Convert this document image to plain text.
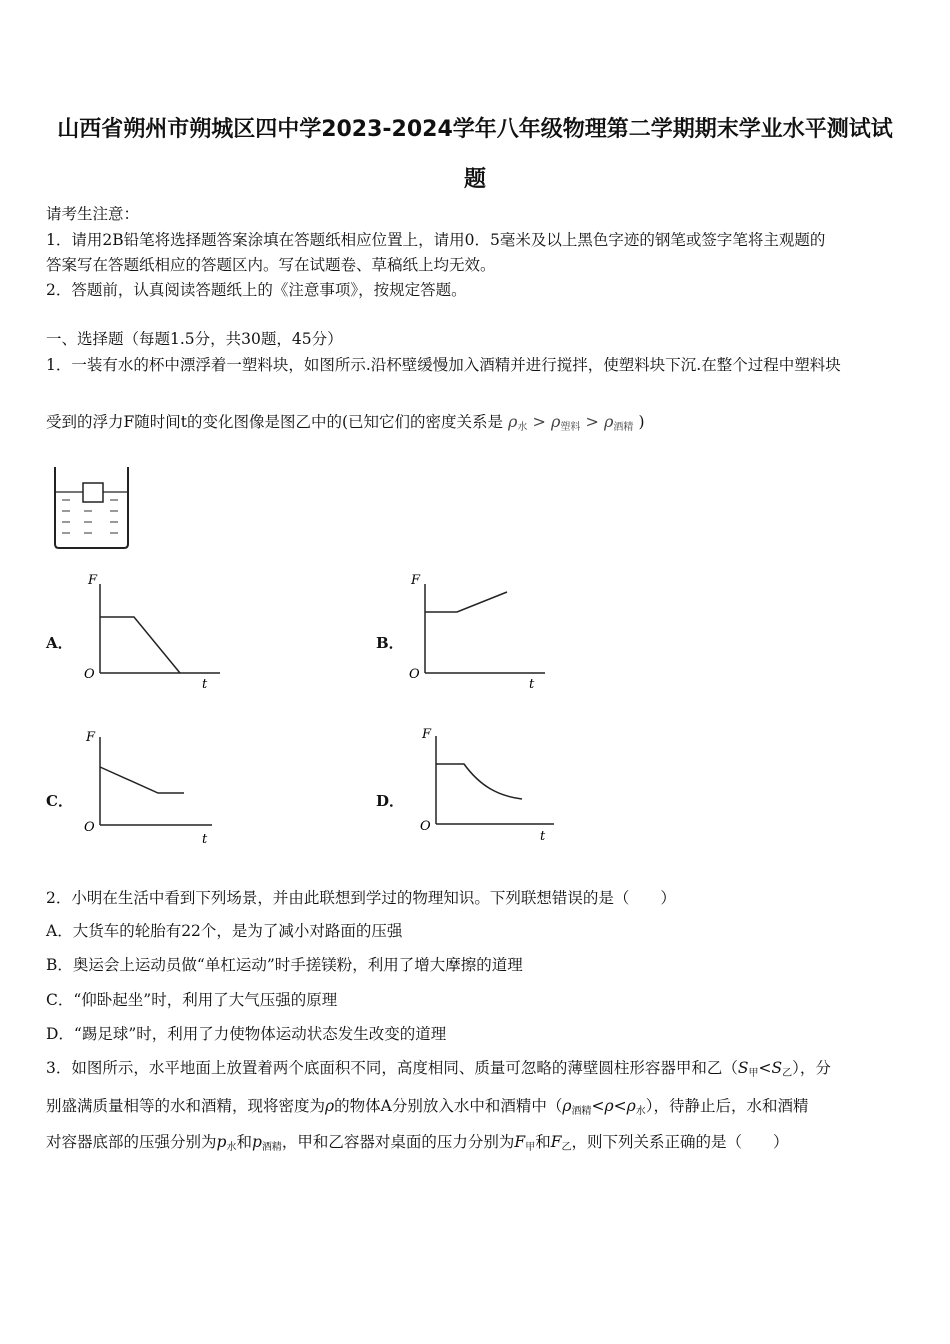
山西省朔州市朔城区四中学2023-2024学年八年级物理第二学期期末学业水平测试试
题
请考生注意：
1．请用2B铅笔将选择题答案涂填在答题纸相应位置上，请用0．5毫米及以上黑色字迹的钢笔或签字笔将主观题的
答案写在答题纸相应的答题区内。写在试题卷、草稿纸上均无效。
2．答题前，认真阅读答题纸上的《注意事项》，按规定答题。
一、选择题（每题1.5分，共30题，45分）
1．一装有水的杯中漂浮着一塑料块，如图所示.沿杯壁缓慢加入酒精并进行搅拌，使塑料块下沉.在整个过程中塑料块
受到的浮力F随时间t的变化图像是图乙中的(已知它们的密度关系是 $\rho_水 > \rho_{塑料} > \rho_{酒精}$ )
A．
F
O
t
B．
F
O
t
C．
F
O
t
D．
F
O
t
2．小明在生活中看到下列场景，并由此联想到学过的物理知识。下列联想错误的是（　　）
A．大货车的轮胎有22个，是为了减小对路面的压强
B．奥运会上运动员做“单杠运动”时手搓镁粉，利用了增大摩擦的道理
C．“仰卧起坐”时，利用了大气压强的原理
D．“踢足球”时，利用了力使物体运动状态发生改变的道理
3．如图所示，水平地面上放置着两个底面积不同，高度相同、质量可忽略的薄壁圆柱形容器甲和乙$(S_甲<S_乙)$，分
别盛满质量相等的水和酒精，现将密度为ρ的物体A分别放入水中和酒精中$(\rho_{酒精}<\rho<\rho_水)$，待静止后，水和酒精
对容器底部的压强分别为$p_水$和$p_{酒精}$，甲和乙容器对桌面的压力分别为$F_甲$和$F_乙$，则下列关系正确的是（　　）
